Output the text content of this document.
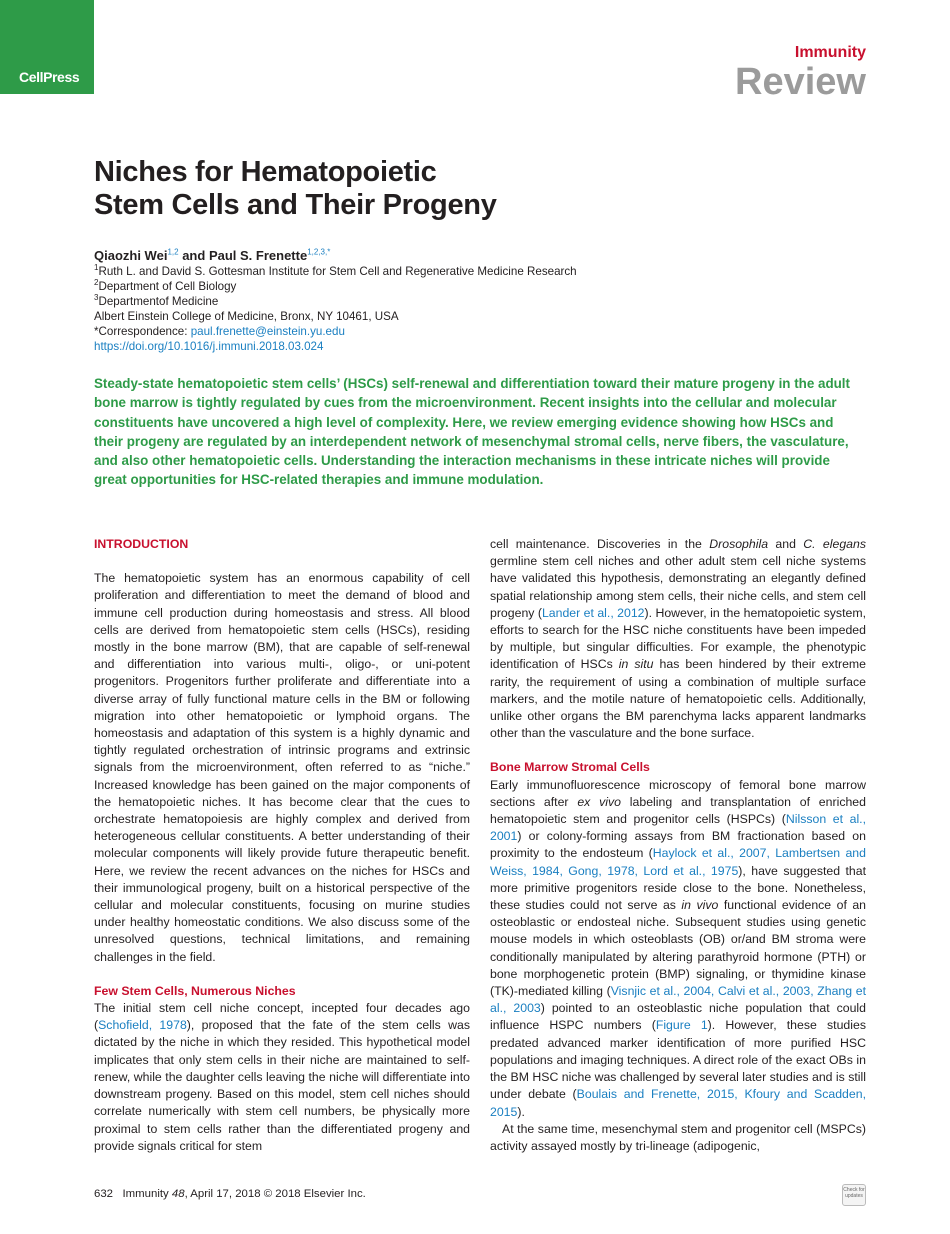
CellPress
Immunity
Review
Niches for Hematopoietic
Stem Cells and Their Progeny
Qiaozhi Wei$^{1,2}$ and Paul S. Frenette$^{1,2,3,*}$
$^1$Ruth L. and David S. Gottesman Institute for Stem Cell and Regenerative Medicine Research
$^2$Department of Cell Biology
$^3$Departmentof Medicine
Albert Einstein College of Medicine, Bronx, NY 10461, USA
*Correspondence: paul.frenette@einstein.yu.edu
https://doi.org/10.1016/j.immuni.2018.03.024
Steady-state hematopoietic stem cells’ (HSCs) self-renewal and differentiation toward their mature progeny in the adult bone marrow is tightly regulated by cues from the microenvironment. Recent insights into the cellular and molecular constituents have uncovered a high level of complexity. Here, we review emerging evidence showing how HSCs and their progeny are regulated by an interdependent network of mesenchymal stromal cells, nerve fibers, the vasculature, and also other hematopoietic cells. Understanding the interaction mechanisms in these intricate niches will provide great opportunities for HSC-related therapies and immune modulation.
INTRODUCTION

The hematopoietic system has an enormous capability of cell proliferation and differentiation to meet the demand of blood and immune cell production during homeostasis and stress. All blood cells are derived from hematopoietic stem cells (HSCs), residing mostly in the bone marrow (BM), that are capable of self-renewal and differentiation into various multi-, oligo-, or uni-potent progenitors. Progenitors further proliferate and differentiate into a diverse array of fully functional mature cells in the BM or following migration into other hematopoietic or lymphoid organs. The homeostasis and adaptation of this system is a highly dynamic and tightly regulated orchestration of intrinsic programs and extrinsic signals from the microenvironment, often referred to as “niche.” Increased knowledge has been gained on the major components of the hematopoietic niches. It has become clear that the cues to orchestrate hematopoiesis are highly complex and derived from heterogeneous cellular constituents. A better understanding of their molecular components will likely provide future therapeutic benefit. Here, we review the recent advances on the niches for HSCs and their immunological progeny, built on a historical perspective of the cellular and molecular constituents, focusing on murine studies under healthy homeostatic conditions. We also discuss some of the unresolved questions, technical limitations, and remaining challenges in the field.

Few Stem Cells, Numerous Niches

The initial stem cell niche concept, incepted four decades ago (Schofield, 1978), proposed that the fate of the stem cells was dictated by the niche in which they resided. This hypothetical model implicates that only stem cells in their niche are maintained to self-renew, while the daughter cells leaving the niche will differentiate into downstream progeny. Based on this model, stem cell niches should correlate numerically with stem cell numbers, be physically more proximal to stem cells rather than the differentiated progeny and provide signals critical for stem

cell maintenance. Discoveries in the Drosophila and C. elegans germline stem cell niches and other adult stem cell niche systems have validated this hypothesis, demonstrating an elegantly defined spatial relationship among stem cells, their niche cells, and stem cell progeny (Lander et al., 2012). However, in the hematopoietic system, efforts to search for the HSC niche constituents have been impeded by multiple, but singular difficulties. For example, the phenotypic identification of HSCs in situ has been hindered by their extreme rarity, the requirement of using a combination of multiple surface markers, and the motile nature of hematopoietic cells. Additionally, unlike other organs the BM parenchyma lacks apparent landmarks other than the vasculature and the bone surface.

Bone Marrow Stromal Cells

Early immunofluorescence microscopy of femoral bone marrow sections after ex vivo labeling and transplantation of enriched hematopoietic stem and progenitor cells (HSPCs) (Nilsson et al., 2001) or colony-forming assays from BM fractionation based on proximity to the endosteum (Haylock et al., 2007, Lambertsen and Weiss, 1984, Gong, 1978, Lord et al., 1975), have suggested that more primitive progenitors reside close to the bone. Nonetheless, these studies could not serve as in vivo functional evidence of an osteoblastic or endosteal niche. Subsequent studies using genetic mouse models in which osteoblasts (OB) or/and BM stroma were conditionally manipulated by altering parathyroid hormone (PTH) or bone morphogenetic protein (BMP) signaling, or thymidine kinase (TK)-mediated killing (Visnjic et al., 2004, Calvi et al., 2003, Zhang et al., 2003) pointed to an osteoblastic niche population that could influence HSPC numbers (Figure 1). However, these studies predated advanced marker identification of more purified HSC populations and imaging techniques. A direct role of the exact OBs in the BM HSC niche was challenged by several later studies and is still under debate (Boulais and Frenette, 2015, Kfoury and Scadden, 2015).

At the same time, mesenchymal stem and progenitor cell (MSPCs) activity assayed mostly by tri-lineage (adipogenic,

632 Immunity 48, April 17, 2018 © 2018 Elsevier Inc.	Check for updates
